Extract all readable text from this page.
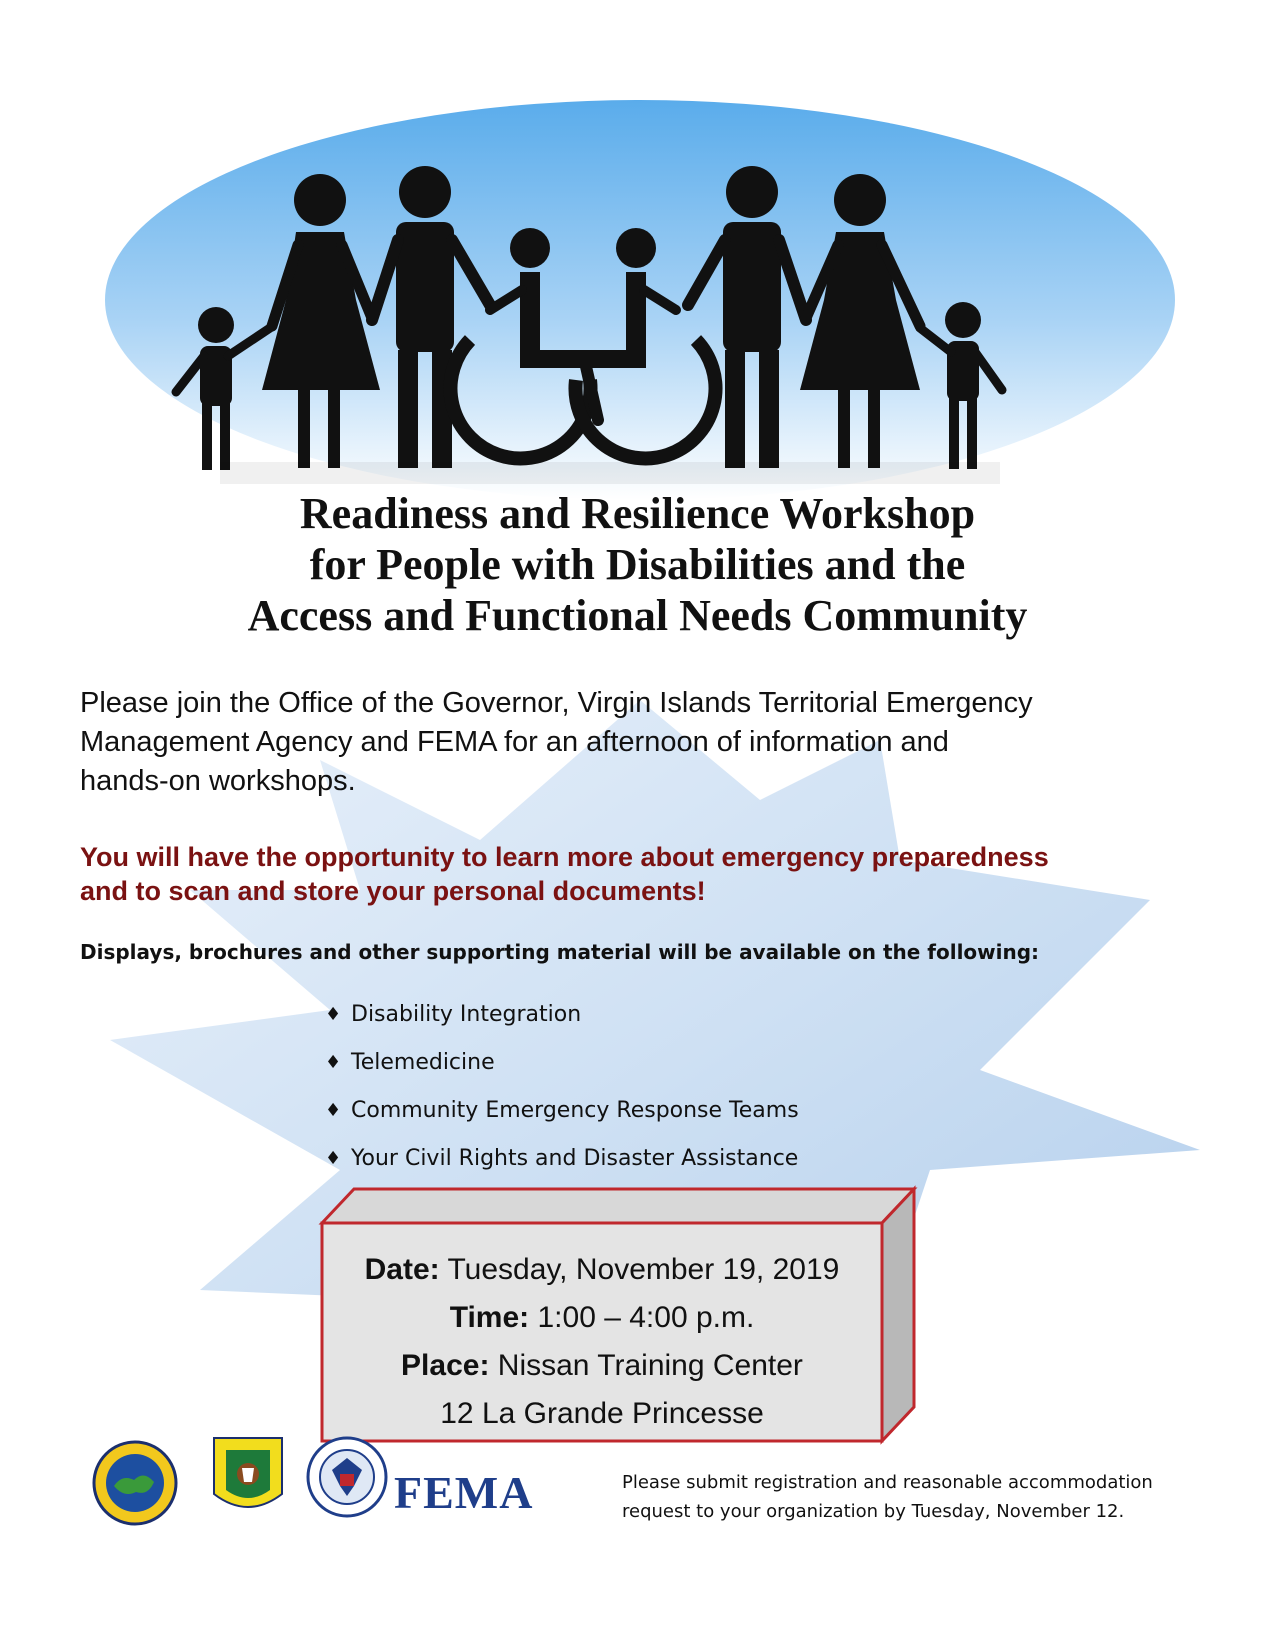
Readiness and Resilience Workshop
for People with Disabilities and the
Access and Functional Needs Community
Please join the Office of the Governor, Virgin Islands Territorial Emergency
Management Agency and FEMA for an afternoon of information and
hands-on workshops.
You will have the opportunity to learn more about emergency preparedness
and to scan and store your personal documents!
Displays, brochures and other supporting material will be available on the following:
♦ Disability Integration
♦ Telemedicine
♦ Community Emergency Response Teams
♦ Your Civil Rights and Disaster Assistance
Date: Tuesday, November 19, 2019
Time: 1:00 – 4:00 p.m.
Place: Nissan Training Center
12 La Grande Princesse
FEMA	Please submit registration and reasonable accommodation
request to your organization by Tuesday, November 12.
